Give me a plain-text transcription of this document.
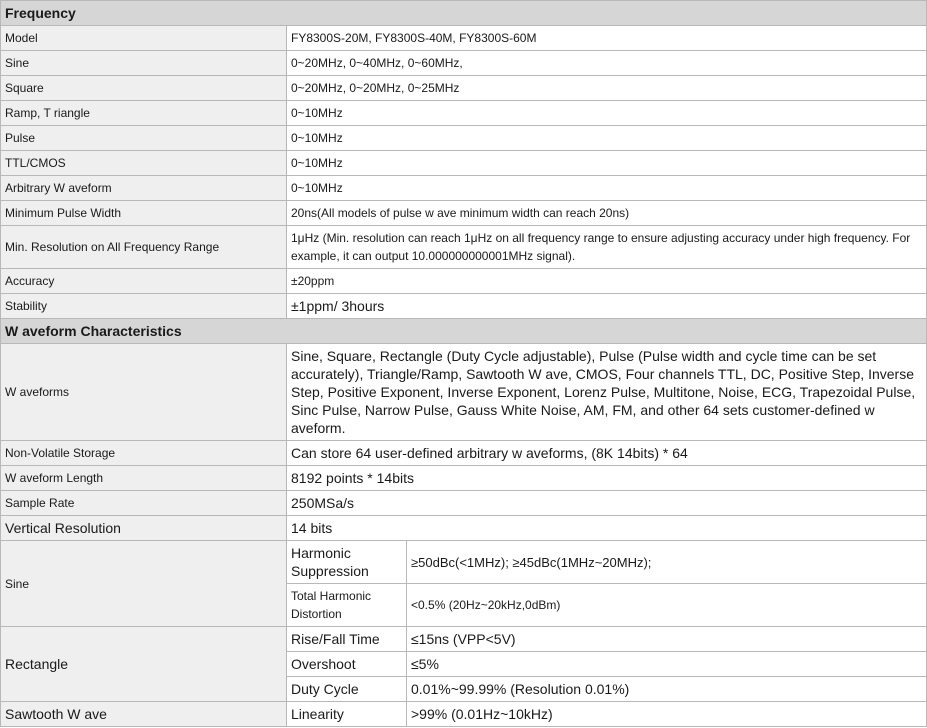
Frequency		
Model	FY8300S-20M, FY8300S-40M, FY8300S-60M	
Sine	0~20MHz, 0~40MHz, 0~60MHz,	
Square	0~20MHz, 0~20MHz, 0~25MHz	
Ramp, T riangle	0~10MHz	
Pulse	0~10MHz	
TTL/CMOS	0~10MHz	
Arbitrary W aveform	0~10MHz	
Minimum Pulse Width	20ns(All models of pulse w ave minimum width can reach 20ns)	
Min. Resolution on All Frequency Range	1μHz (Min. resolution can reach 1μHz on all frequency range to ensure adjusting accuracy under high frequency. For example, it can output 10.000000000001MHz signal).	
Accuracy	±20ppm	
Stability	±1ppm/ 3hours	
W aveform Characteristics		
W aveforms	Sine, Square, Rectangle (Duty Cycle adjustable), Pulse (Pulse width and cycle time can be set accurately), Triangle/Ramp, Sawtooth W ave, CMOS, Four channels TTL, DC, Positive Step, Inverse Step, Positive Exponent, Inverse Exponent, Lorenz Pulse, Multitone, Noise, ECG, Trapezoidal Pulse, Sinc Pulse, Narrow Pulse, Gauss White Noise, AM, FM, and other 64 sets customer-defined w aveform.	
Non-Volatile Storage	Can store 64 user-defined arbitrary w aveforms, (8K 14bits) * 64	
W aveform Length	8192 points * 14bits	
Sample Rate	250MSa/s	
Vertical Resolution	14 bits	
Sine	Harmonic Suppression	≥50dBc(<1MHz); ≥45dBc(1MHz~20MHz);
	Total Harmonic Distortion	<0.5% (20Hz~20kHz,0dBm)
Rectangle	Rise/Fall Time	≤15ns (VPP<5V)
	Overshoot	≤5%
	Duty Cycle	0.01%~99.99% (Resolution 0.01%)
Sawtooth W ave	Linearity	>99% (0.01Hz~10kHz)
